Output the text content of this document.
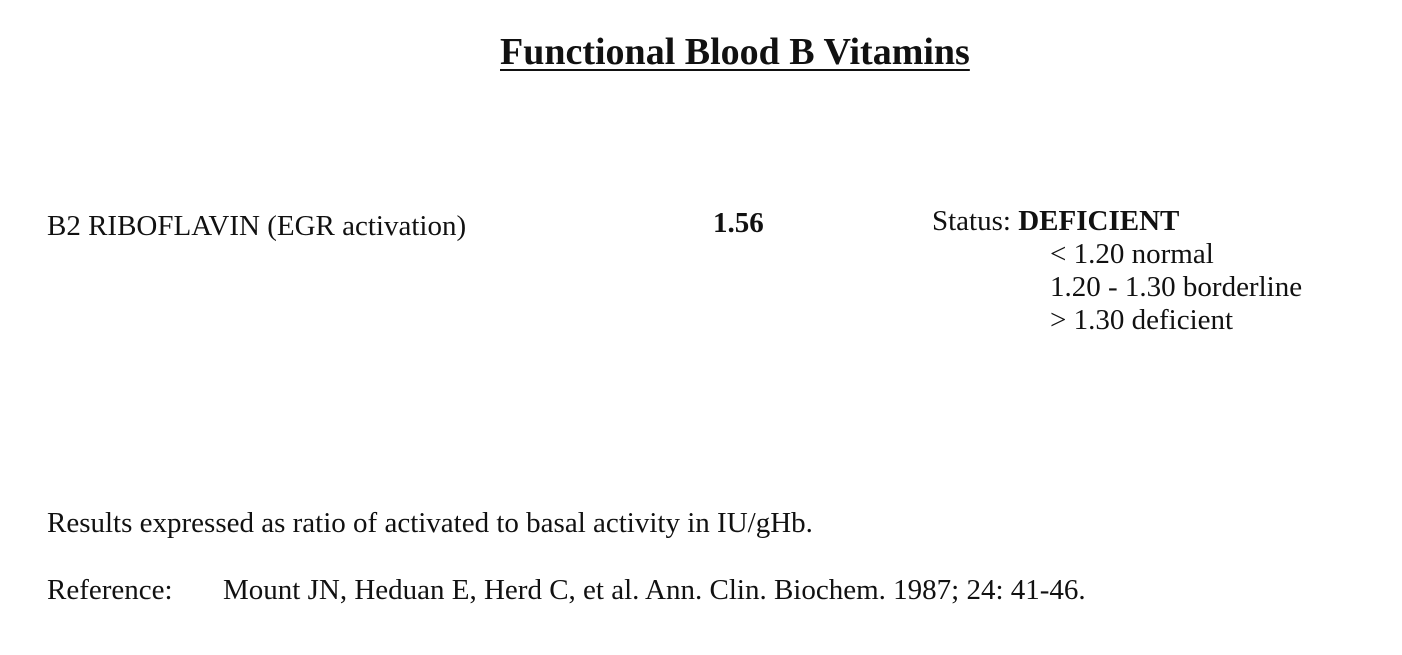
Functional Blood B Vitamins
B2 RIBOFLAVIN (EGR activation)	1.56	Status: DEFICIENT
< 1.20 normal
1.20 - 1.30 borderline
> 1.30 deficient
Results expressed as ratio of activated to basal activity in IU/gHb.
Reference: Mount JN, Heduan E, Herd C, et al. Ann. Clin. Biochem. 1987; 24: 41-46.
